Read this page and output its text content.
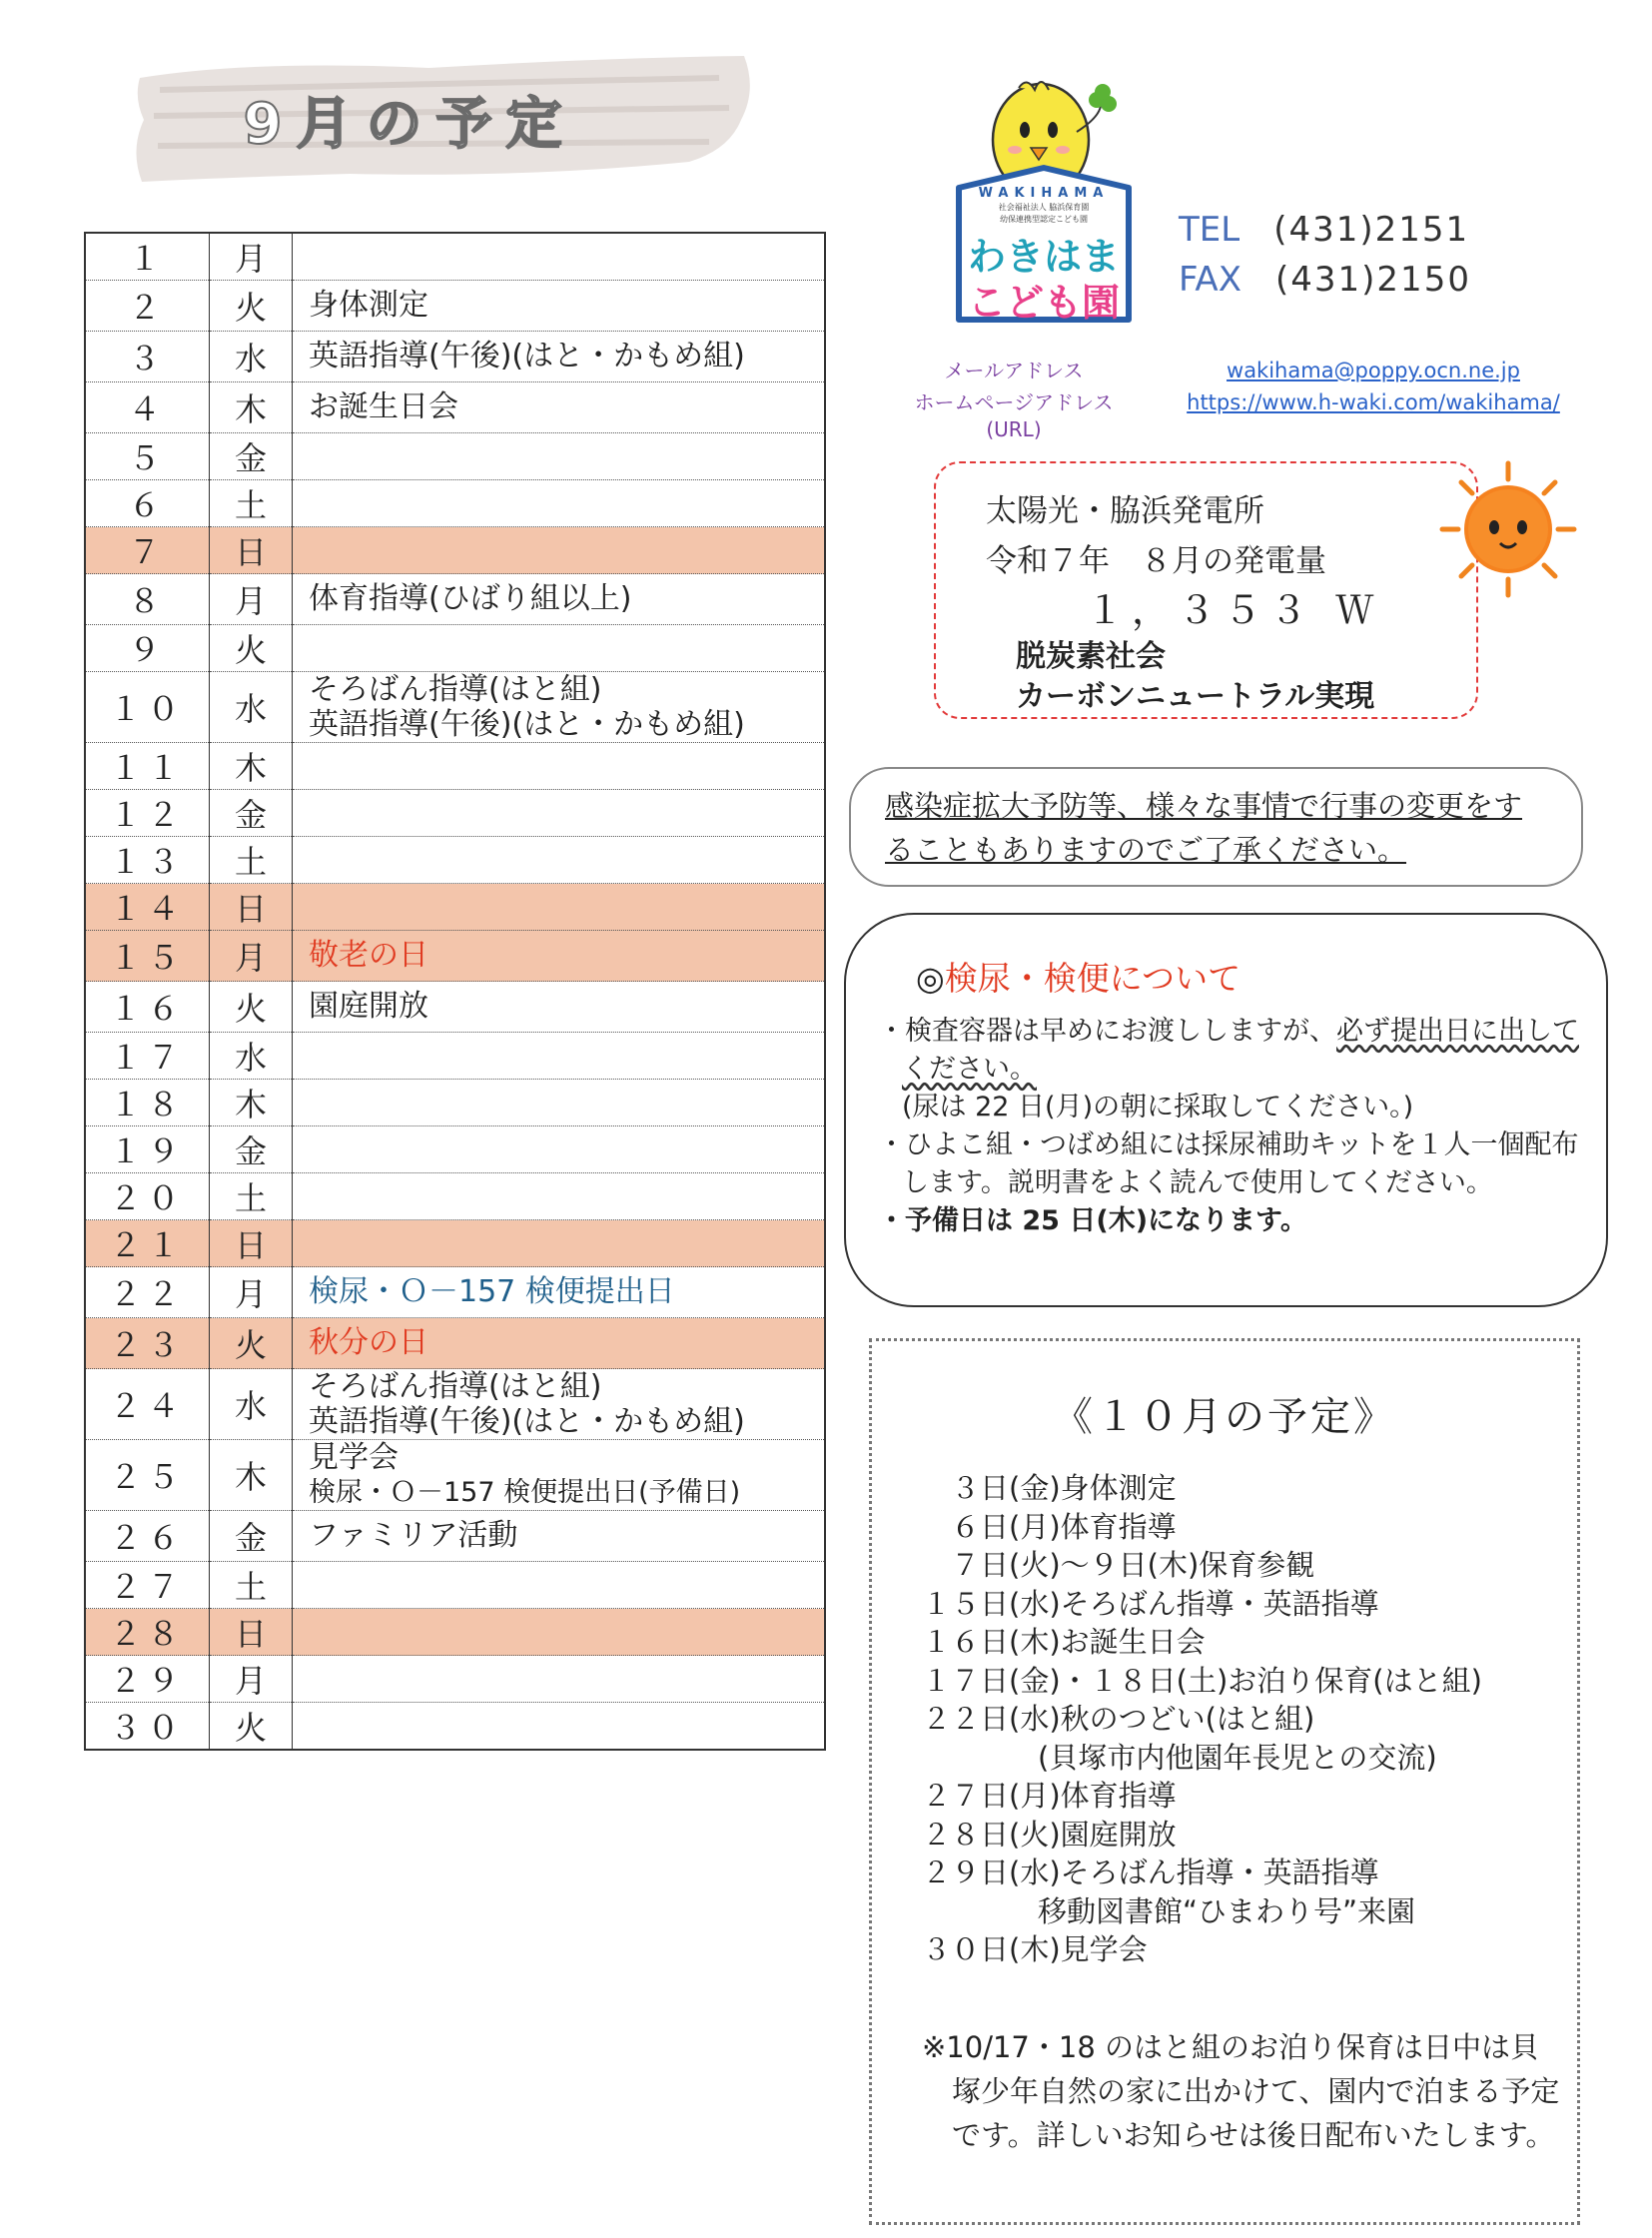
9月の予定
１	月	
２	火	身体測定

３	水	英語指導(午後)(はと・かもめ組)

４	木	お誕生日会

５	金	
６	土	
７	日	
８	月	体育指導(ひばり組以上)

９	火	
１０	水	そろばん指導(はと組)
英語指導(午後)(はと・かもめ組)

１１	木	
１２	金	
１３	土	
１４	日	
１５	月	敬老の日

１６	火	園庭開放

１７	水	
１８	木	
１９	金	
２０	土	
２１	日	
２２	月	検尿・Ｏ－157 検便提出日

２３	火	秋分の日

２４	水	そろばん指導(はと組)
英語指導(午後)(はと・かもめ組)

２５	木	見学会
検尿・Ｏ－157 検便提出日(予備日)

２６	金	ファミリア活動

２７	土	
２８	日	
２９	月	
３０	火	
WAKIHAMA
社会福祉法人 脇浜保育園
幼保連携型認定こども園
わきはま
こども園
TEL (431)2151
FAX (431)2150
メールアドレス
ホームページアドレス
(URL)
wakihama@poppy.ocn.ne.jp
https://www.h-waki.com/wakihama/
太陽光・脇浜発電所
令和７年　８月の発電量
１，３５３ Ｗ
脱炭素社会
カーボンニュートラル実現
感染症拡大予防等、様々な事情で行事の変更をす
ることもありますのでご了承ください。
◎検尿・検便について
・検査容器は早めにお渡ししますが、必ず提出日に出してください。
(尿は 22 日(月)の朝に採取してください。)
・ひよこ組・つばめ組には採尿補助キットを１人一個配布します。説明書をよく読んで使用してください。
・予備日は 25 日(木)になります。
《１０月の予定》
　３日(金)身体測定
　６日(月)体育指導
　７日(火)～９日(木)保育参観
１５日(水)そろばん指導・英語指導
１６日(木)お誕生日会
１７日(金)・１８日(土)お泊り保育(はと組)
２２日(水)秋のつどい(はと組)
　　　　(貝塚市内他園年長児との交流)
２７日(月)体育指導
２８日(火)園庭開放
２９日(水)そろばん指導・英語指導
　　　　移動図書館“ひまわり号”来園
３０日(木)見学会
※10/17・18 のはと組のお泊り保育は日中は貝塚少年自然の家に出かけて、園内で泊まる予定です。詳しいお知らせは後日配布いたします。
